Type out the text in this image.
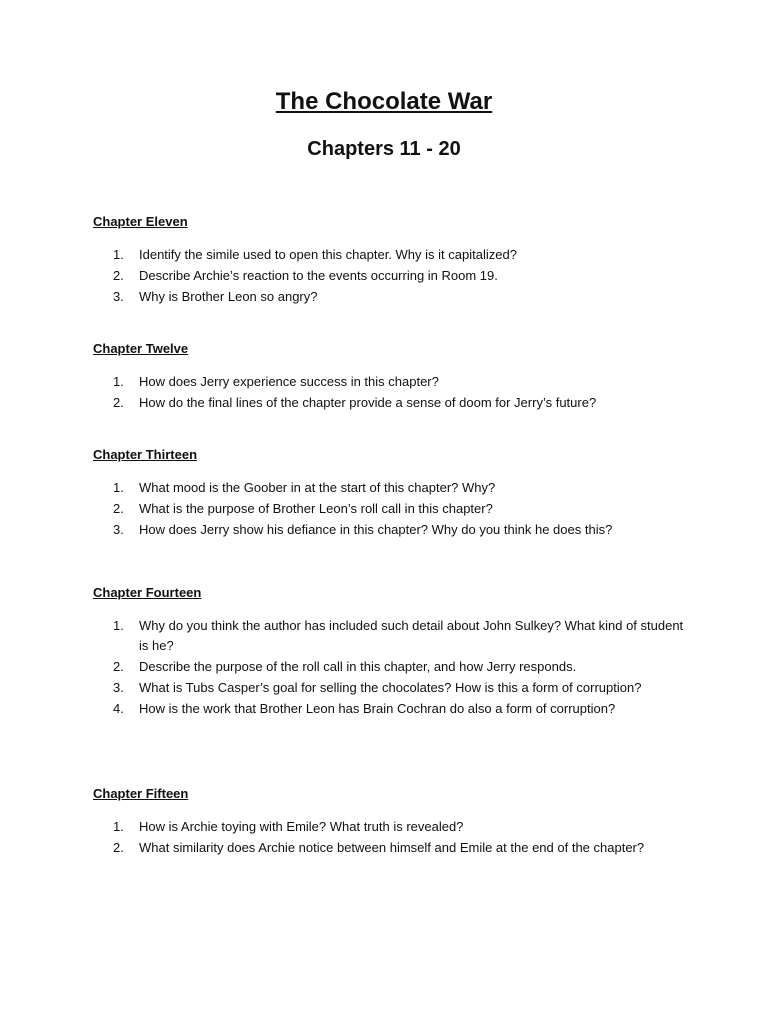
The Chocolate War
Chapters 11 - 20
Chapter Eleven
1.	Identify the simile used to open this chapter. Why is it capitalized?
2.	Describe Archie’s reaction to the events occurring in Room 19.
3.	Why is Brother Leon so angry?
Chapter Twelve
1.	How does Jerry experience success in this chapter?
2.	How do the final lines of the chapter provide a sense of doom for Jerry’s future?
Chapter Thirteen
1.	What mood is the Goober in at the start of this chapter? Why?
2.	What is the purpose of Brother Leon’s roll call in this chapter?
3.	How does Jerry show his defiance in this chapter? Why do you think he does this?
Chapter Fourteen
1.	Why do you think the author has included such detail about John Sulkey? What kind of student is he?
2.	Describe the purpose of the roll call in this chapter, and how Jerry responds.
3.	What is Tubs Casper’s goal for selling the chocolates? How is this a form of corruption?
4.	How is the work that Brother Leon has Brain Cochran do also a form of corruption?
Chapter Fifteen
1.	How is Archie toying with Emile? What truth is revealed?
2.	What similarity does Archie notice between himself and Emile at the end of the chapter?
